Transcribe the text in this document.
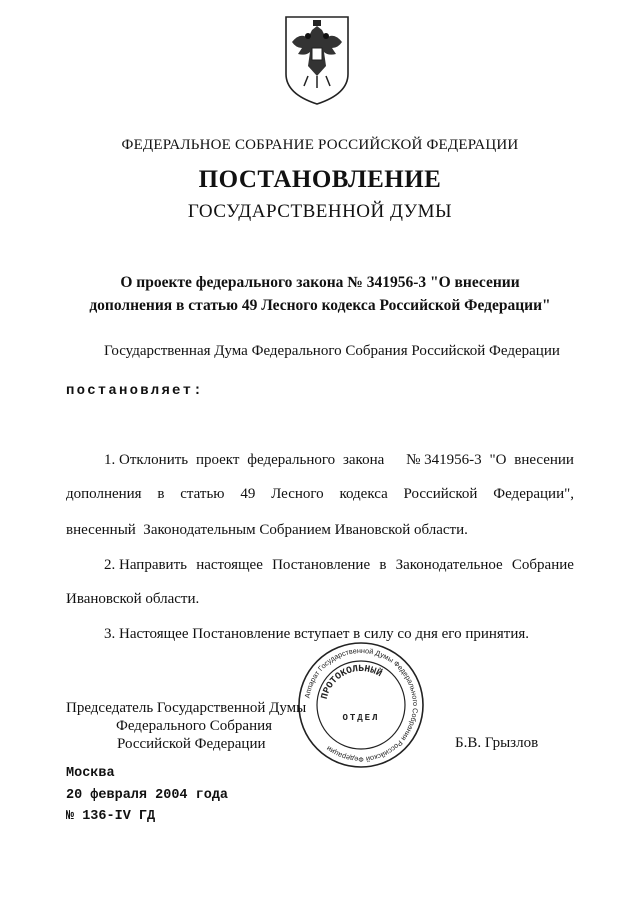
ФЕДЕРАЛЬНОЕ СОБРАНИЕ РОССИЙСКОЙ ФЕДЕРАЦИИ
ПОСТАНОВЛЕНИЕ
ГОСУДАРСТВЕННОЙ ДУМЫ
О проекте федерального закона № 341956-3 "О внесении
дополнения в статью 49 Лесного кодекса Российской Федерации"
Государственная Дума Федерального Собрания Российской Федерации
постановляет:
1. Отклонить проект федерального закона № 341956-3 "О внесении
дополнения в статью 49 Лесного кодекса Российской Федерации",
внесенный  Законодательным Собранием Ивановской области.
2. Направить настоящее Постановление в Законодательное Собрание
Ивановской области.
3. Настоящее Постановление вступает в силу со дня его принятия.
Аппарат Государственной Думы Федерального Собрания Российской Федерации
ПРОТОКОЛЬНЫЙ
ОТДЕЛ
Председатель Государственной Думы
Федерального Собрания
Российской Федерации	Б.В. Грызлов
Москва
20 февраля 2004 года
№ 136-IV ГД
